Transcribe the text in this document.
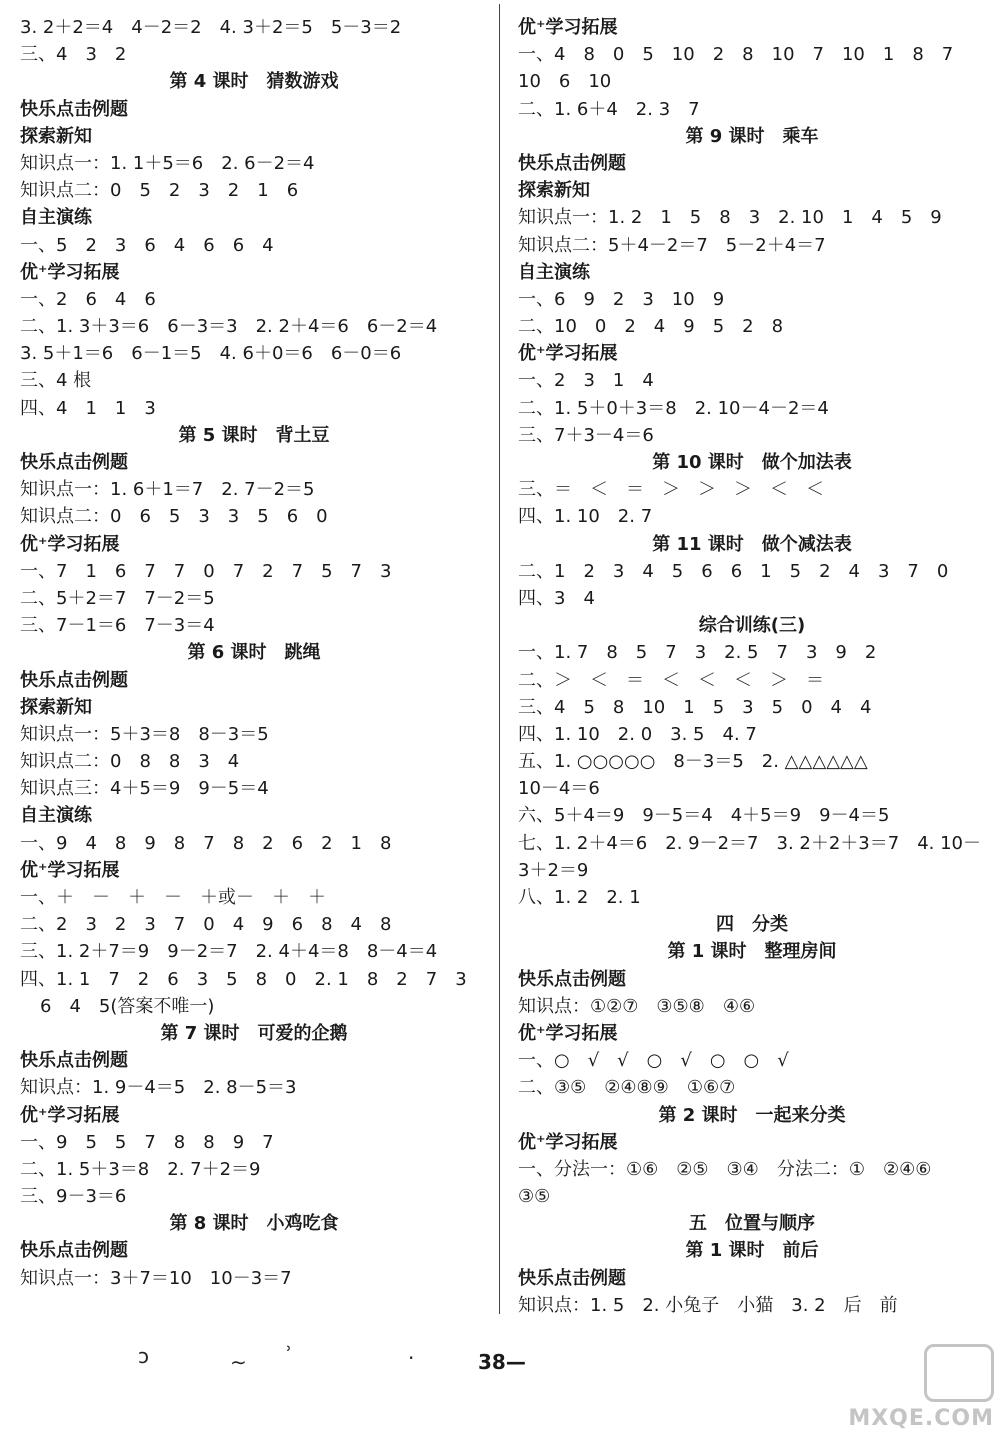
3. 2＋2＝4　4－2＝2　4. 3＋2＝5　5－3＝2
三、4　3　2
第 4 课时　猜数游戏
快乐点击例题
探索新知
知识点一：1. 1＋5＝6　2. 6－2＝4
知识点二：0　5　2　3　2　1　6
自主演练
一、5　2　3　6　4　6　6　4
优⁺学习拓展
一、2　6　4　6
二、1. 3＋3＝6　6－3＝3　2. 2＋4＝6　6－2＝4
3. 5＋1＝6　6－1＝5　4. 6＋0＝6　6－0＝6
三、4 根
四、4　1　1　3
第 5 课时　背土豆
快乐点击例题
知识点一：1. 6＋1＝7　2. 7－2＝5
知识点二：0　6　5　3　3　5　6　0
优⁺学习拓展
一、7　1　6　7　7　0　7　2　7　5　7　3
二、5＋2＝7　7－2＝5
三、7－1＝6　7－3＝4
第 6 课时　跳绳
快乐点击例题
探索新知
知识点一：5＋3＝8　8－3＝5
知识点二：0　8　8　3　4
知识点三：4＋5＝9　9－5＝4
自主演练
一、9　4　8　9　8　7　8　2　6　2　1　8
优⁺学习拓展
一、＋　－　＋　－　＋或－　＋　＋
二、2　3　2　3　7　0　4　9　6　8　4　8
三、1. 2＋7＝9　9－2＝7　2. 4＋4＝8　8－4＝4
四、1. 1　7　2　6　3　5　8　0　2. 1　8　2　7　3
6　4　5(答案不唯一)
第 7 课时　可爱的企鹅
快乐点击例题
知识点：1. 9－4＝5　2. 8－5＝3
优⁺学习拓展
一、9　5　5　7　8　8　9　7
二、1. 5＋3＝8　2. 7＋2＝9
三、9－3＝6
第 8 课时　小鸡吃食
快乐点击例题
知识点一：3＋7＝10　10－3＝7
优⁺学习拓展
一、4　8　0　5　10　2　8　10　7　10　1　8　7
10　6　10
二、1. 6＋4　2. 3　7
第 9 课时　乘车
快乐点击例题
探索新知
知识点一：1. 2　1　5　8　3　2. 10　1　4　5　9
知识点二：5＋4－2＝7　5－2＋4＝7
自主演练
一、6　9　2　3　10　9
二、10　0　2　4　9　5　2　8
优⁺学习拓展
一、2　3　1　4
二、1. 5＋0＋3＝8　2. 10－4－2＝4
三、7＋3－4＝6
第 10 课时　做个加法表
三、＝　＜　＝　＞　＞　＞　＜　＜
四、1. 10　2. 7
第 11 课时　做个减法表
二、1　2　3　4　5　6　6　1　5　2　4　3　7　0
四、3　4
综合训练(三)
一、1. 7　8　5　7　3　2. 5　7　3　9　2
二、＞　＜　＝　＜　＜　＜　＞　＝
三、4　5　8　10　1　5　3　5　0　4　4
四、1. 10　2. 0　3. 5　4. 7
五、1. ○○○○○　8－3＝5　2. △△△△△△
10－4＝6
六、5＋4＝9　9－5＝4　4＋5＝9　9－4＝5
七、1. 2＋4＝6　2. 9－2＝7　3. 2＋2＋3＝7　4. 10－
3＋2＝9
八、1. 2　2. 1
四　分类
第 1 课时　整理房间
快乐点击例题
知识点：①②⑦　③⑤⑧　④⑥
优⁺学习拓展
一、○　√　√　○　√　○　○　√
二、③⑤　②④⑧⑨　①⑥⑦
第 2 课时　一起来分类
优⁺学习拓展
一、分法一：①⑥　②⑤　③④　分法二：①　②④⑥
③⑤
五　位置与顺序
第 1 课时　前后
快乐点击例题
知识点：1. 5　2. 小兔子　小猫　3. 2　后　前
ↄ	∼ ʾ	·	38—

MXQE.COM
